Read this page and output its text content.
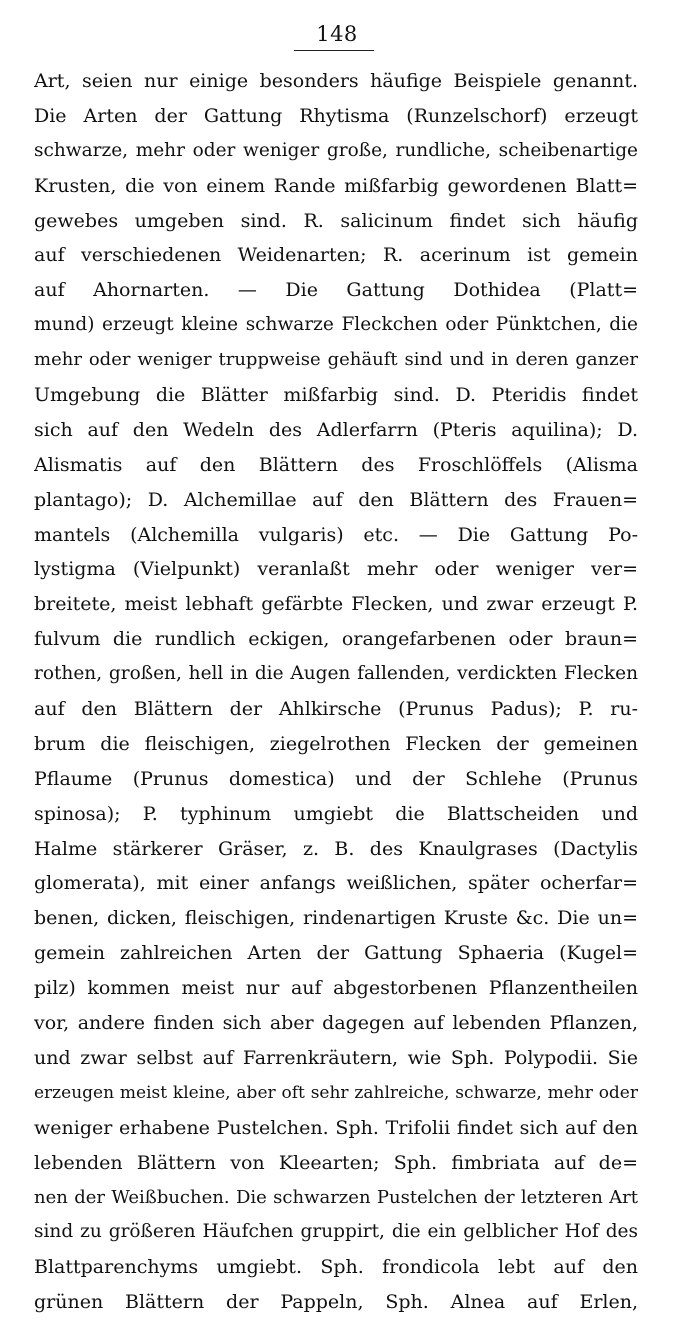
148
Art, seien nur einige besonders häufige Beispiele genannt.
Die Arten der Gattung Rhytisma (Runzelschorf) erzeugt
schwarze, mehr oder weniger große, rundliche, scheibenartige
Krusten, die von einem Rande mißfarbig gewordenen Blatt=
gewebes umgeben sind. R. salicinum findet sich häufig
auf verschiedenen Weidenarten; R. acerinum ist gemein
auf Ahornarten. — Die Gattung Dothidea (Platt=
mund) erzeugt kleine schwarze Fleckchen oder Pünktchen, die
mehr oder weniger truppweise gehäuft sind und in deren ganzer
Umgebung die Blätter mißfarbig sind. D. Pteridis findet
sich auf den Wedeln des Adlerfarrn (Pteris aquilina); D.
Alismatis auf den Blättern des Froschlöffels (Alisma
plantago); D. Alchemillae auf den Blättern des Frauen=
mantels (Alchemilla vulgaris) etc. — Die Gattung Po-
lystigma (Vielpunkt) veranlaßt mehr oder weniger ver=
breitete, meist lebhaft gefärbte Flecken, und zwar erzeugt P.
fulvum die rundlich eckigen, orangefarbenen oder braun=
rothen, großen, hell in die Augen fallenden, verdickten Flecken
auf den Blättern der Ahlkirsche (Prunus Padus); P. ru-
brum die fleischigen, ziegelrothen Flecken der gemeinen
Pflaume (Prunus domestica) und der Schlehe (Prunus
spinosa); P. typhinum umgiebt die Blattscheiden und
Halme stärkerer Gräser, z. B. des Knaulgrases (Dactylis
glomerata), mit einer anfangs weißlichen, später ocherfar=
benen, dicken, fleischigen, rindenartigen Kruste &c. Die un=
gemein zahlreichen Arten der Gattung Sphaeria (Kugel=
pilz) kommen meist nur auf abgestorbenen Pflanzentheilen
vor, andere finden sich aber dagegen auf lebenden Pflanzen,
und zwar selbst auf Farrenkräutern, wie Sph. Polypodii. Sie
erzeugen meist kleine, aber oft sehr zahlreiche, schwarze, mehr oder
weniger erhabene Pustelchen. Sph. Trifolii findet sich auf den
lebenden Blättern von Kleearten; Sph. fimbriata auf de=
nen der Weißbuchen. Die schwarzen Pustelchen der letzteren Art
sind zu größeren Häufchen gruppirt, die ein gelblicher Hof des
Blattparenchyms umgiebt. Sph. frondicola lebt auf den
grünen Blättern der Pappeln, Sph. Alnea auf Erlen,
